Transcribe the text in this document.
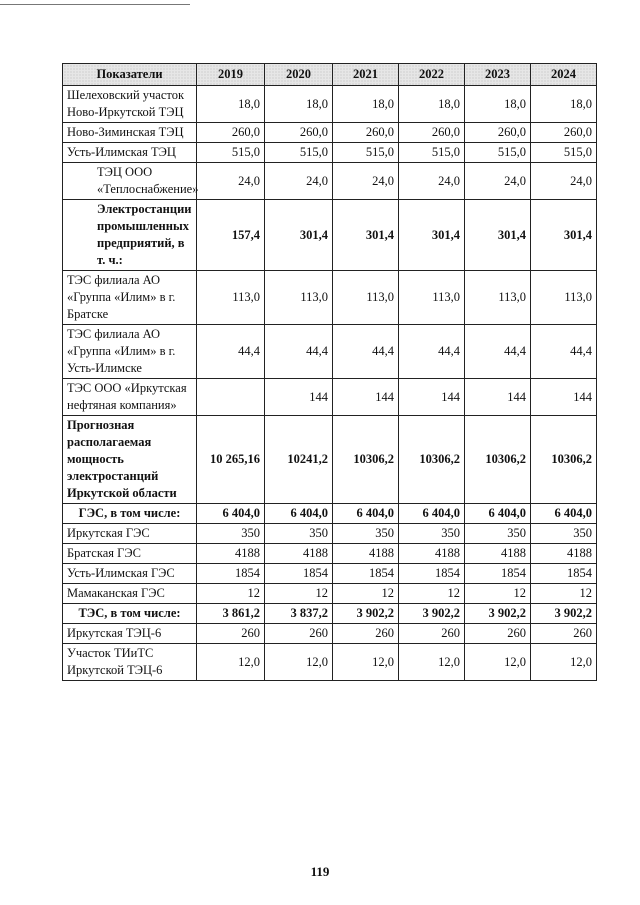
Показатели	2019	2020	2021	2022	2023	2024
Шелеховский участок Ново-Иркутской ТЭЦ	18,0	18,0	18,0	18,0	18,0	18,0
Ново-Зиминская ТЭЦ	260,0	260,0	260,0	260,0	260,0	260,0
Усть-Илимская ТЭЦ	515,0	515,0	515,0	515,0	515,0	515,0
ТЭЦ ООО «Теплоснабжение»	24,0	24,0	24,0	24,0	24,0	24,0
Электростанции промышленных предприятий, в т. ч.:	157,4	301,4	301,4	301,4	301,4	301,4
ТЭС филиала АО «Группа «Илим» в г. Братске	113,0	113,0	113,0	113,0	113,0	113,0
ТЭС филиала АО «Группа «Илим» в г. Усть-Илимске	44,4	44,4	44,4	44,4	44,4	44,4
ТЭС ООО «Иркутская нефтяная компания»		144	144	144	144	144
Прогнозная располагаемая мощность электростанций Иркутской области	10 265,16	10241,2	10306,2	10306,2	10306,2	10306,2
ГЭС, в том числе:	6 404,0	6 404,0	6 404,0	6 404,0	6 404,0	6 404,0
Иркутская ГЭС	350	350	350	350	350	350
Братская ГЭС	4188	4188	4188	4188	4188	4188
Усть-Илимская ГЭС	1854	1854	1854	1854	1854	1854
Мамаканская ГЭС	12	12	12	12	12	12
ТЭС, в том числе:	3 861,2	3 837,2	3 902,2	3 902,2	3 902,2	3 902,2
Иркутская ТЭЦ-6	260	260	260	260	260	260
Участок ТИиТС Иркутской ТЭЦ-6	12,0	12,0	12,0	12,0	12,0	12,0
119
